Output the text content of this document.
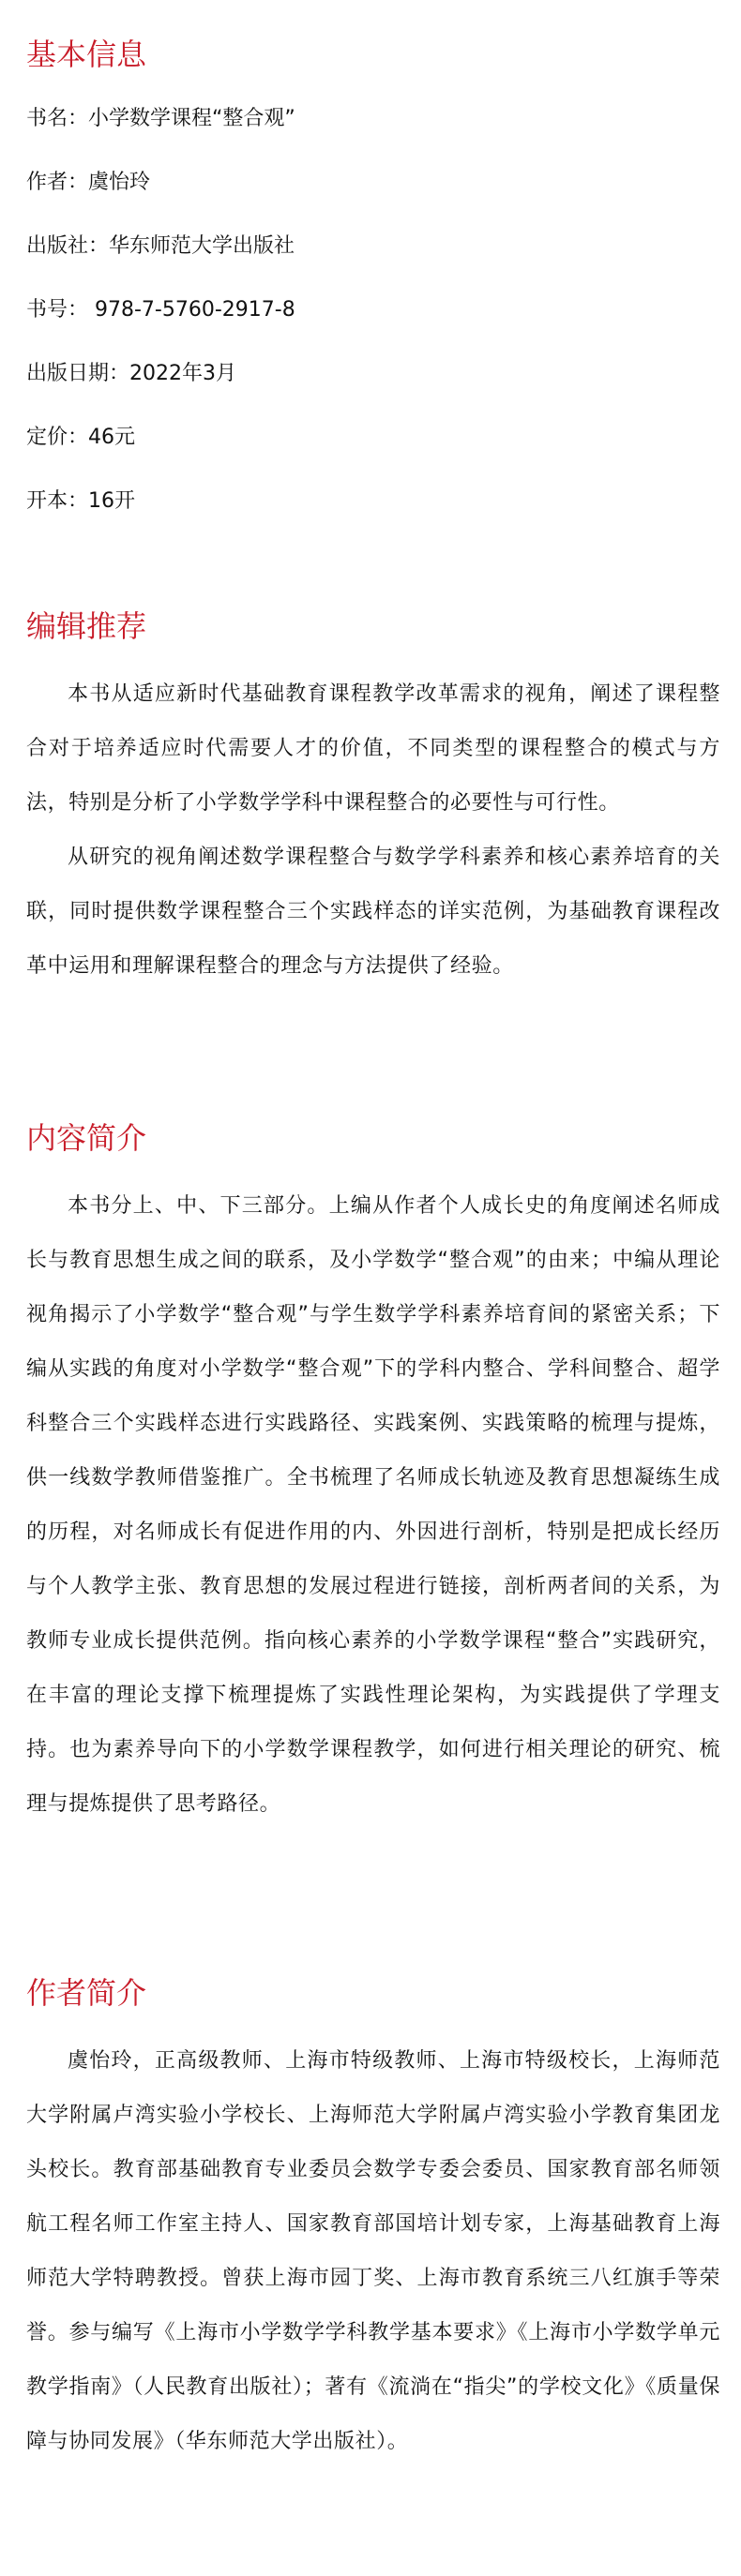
基本信息

书名：小学数学课程“整合观”

作者：虞怡玲

出版社：华东师范大学出版社

书号： 978-7-5760-2917-8

出版日期：2022年3月

定价：46元

开本：16开

编辑推荐

本书从适应新时代基础教育课程教学改革需求的视角，阐述了课程整合对于培养适应时代需要人才的价值，不同类型的课程整合的模式与方法，特别是分析了小学数学学科中课程整合的必要性与可行性。

从研究的视角阐述数学课程整合与数学学科素养和核心素养培育的关联，同时提供数学课程整合三个实践样态的详实范例，为基础教育课程改革中运用和理解课程整合的理念与方法提供了经验。

内容简介

本书分上、中、下三部分。上编从作者个人成长史的角度阐述名师成长与教育思想生成之间的联系，及小学数学“整合观”的由来；中编从理论视角揭示了小学数学“整合观”与学生数学学科素养培育间的紧密关系；下编从实践的角度对小学数学“整合观”下的学科内整合、学科间整合、超学科整合三个实践样态进行实践路径、实践案例、实践策略的梳理与提炼，供一线数学教师借鉴推广。全书梳理了名师成长轨迹及教育思想凝练生成的历程，对名师成长有促进作用的内、外因进行剖析，特别是把成长经历与个人教学主张、教育思想的发展过程进行链接，剖析两者间的关系，为教师专业成长提供范例。指向核心素养的小学数学课程“整合”实践研究，在丰富的理论支撑下梳理提炼了实践性理论架构，为实践提供了学理支持。也为素养导向下的小学数学课程教学，如何进行相关理论的研究、梳理与提炼提供了思考路径。

作者简介

虞怡玲，正高级教师、上海市特级教师、上海市特级校长，上海师范大学附属卢湾实验小学校长、上海师范大学附属卢湾实验小学教育集团龙头校长。教育部基础教育专业委员会数学专委会委员、国家教育部名师领航工程名师工作室主持人、国家教育部国培计划专家，上海基础教育上海师范大学特聘教授。曾获上海市园丁奖、上海市教育系统三八红旗手等荣誉。参与编写《上海市小学数学学科教学基本要求》《上海市小学数学单元教学指南》（人民教育出版社）；著有《流淌在“指尖”的学校文化》《质量保障与协同发展》（华东师范大学出版社）。
